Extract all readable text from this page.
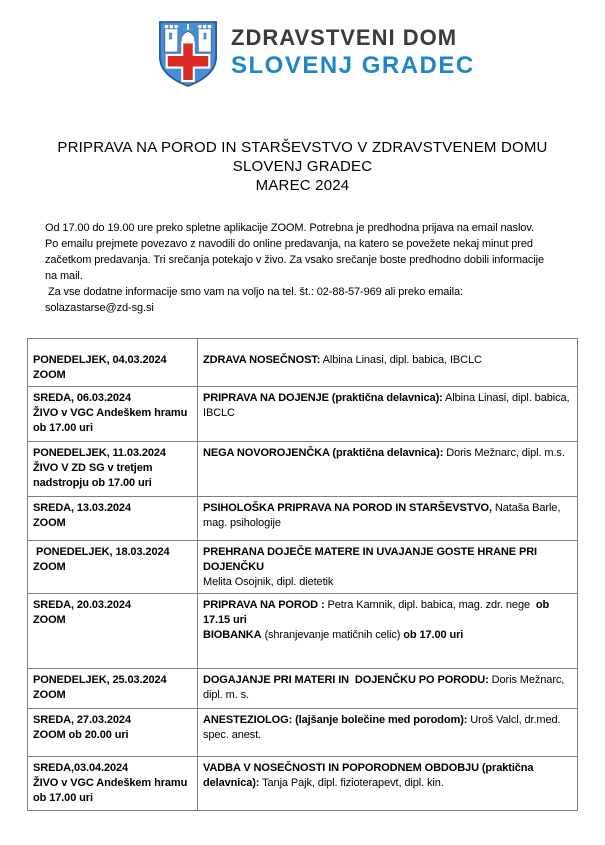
ZDRAVSTVENI DOM
SLOVENJ GRADEC
PRIPRAVA NA POROD IN STARŠEVSTVO V ZDRAVSTVENEM DOMU
SLOVENJ GRADEC
MAREC 2024
Od 17.00 do 19.00 ure preko spletne aplikacije ZOOM. Potrebna je predhodna prijava na email naslov.
Po emailu prejmete povezavo z navodili do online predavanja, na katero se povežete nekaj minut pred
začetkom predavanja. Tri srečanja potekajo v živo. Za vsako srečanje boste predhodno dobili informacije
na mail.
Za vse dodatne informacije smo vam na voljo na tel. št.: 02-88-57-969 ali preko emaila:
solazastarse@zd-sg.si
PONEDELJEK, 04.03.2024
ZOOM	ZDRAVA NOSEČNOST: Albina Linasi, dipl. babica, IBCLC

SREDA, 06.03.2024
ŽIVO v VGC Andeškem hramu
ob 17.00 uri	PRIPRAVA NA DOJENJE (praktična delavnica): Albina Linasi, dipl. babica, IBCLC

PONEDELJEK, 11.03.2024
ŽIVO V ZD SG v tretjem
nadstropju ob 17.00 uri	NEGA NOVOROJENČKA (praktična delavnica): Doris Mežnarc, dipl. m.s.

SREDA, 13.03.2024
ZOOM	PSIHOLOŠKA PRIPRAVA NA POROD IN STARŠEVSTVO, Nataša Barle, mag. psihologije

PONEDELJEK, 18.03.2024
ZOOM
	PREHRANA DOJEČE MATERE IN UVAJANJE GOSTE HRANE PRI DOJENČKU
Melita Osojnik, dipl. dietetik

SREDA, 20.03.2024
ZOOM
	PRIPRAVA NA POROD : Petra Kamnik, dipl. babica, mag. zdr. nege  ob 17.15 uri
BIOBANKA (shranjevanje matičnih celic) ob 17.00 uri

PONEDELJEK, 25.03.2024
ZOOM	DOGAJANJE PRI MATERI IN  DOJENČKU PO PORODU: Doris Mežnarc, dipl. m. s.

SREDA, 27.03.2024
ZOOM ob 20.00 uri	ANESTEZIOLOG: (lajšanje bolečine med porodom): Uroš Valcl, dr.med. spec. anest.

SREDA,03.04.2024
ŽIVO v VGC Andeškem hramu
ob 17.00 uri	VADBA V NOSEČNOSTI IN POPORODNEM OBDOBJU (praktična delavnica): Tanja Pajk, dipl. fizioterapevt, dipl. kin.
